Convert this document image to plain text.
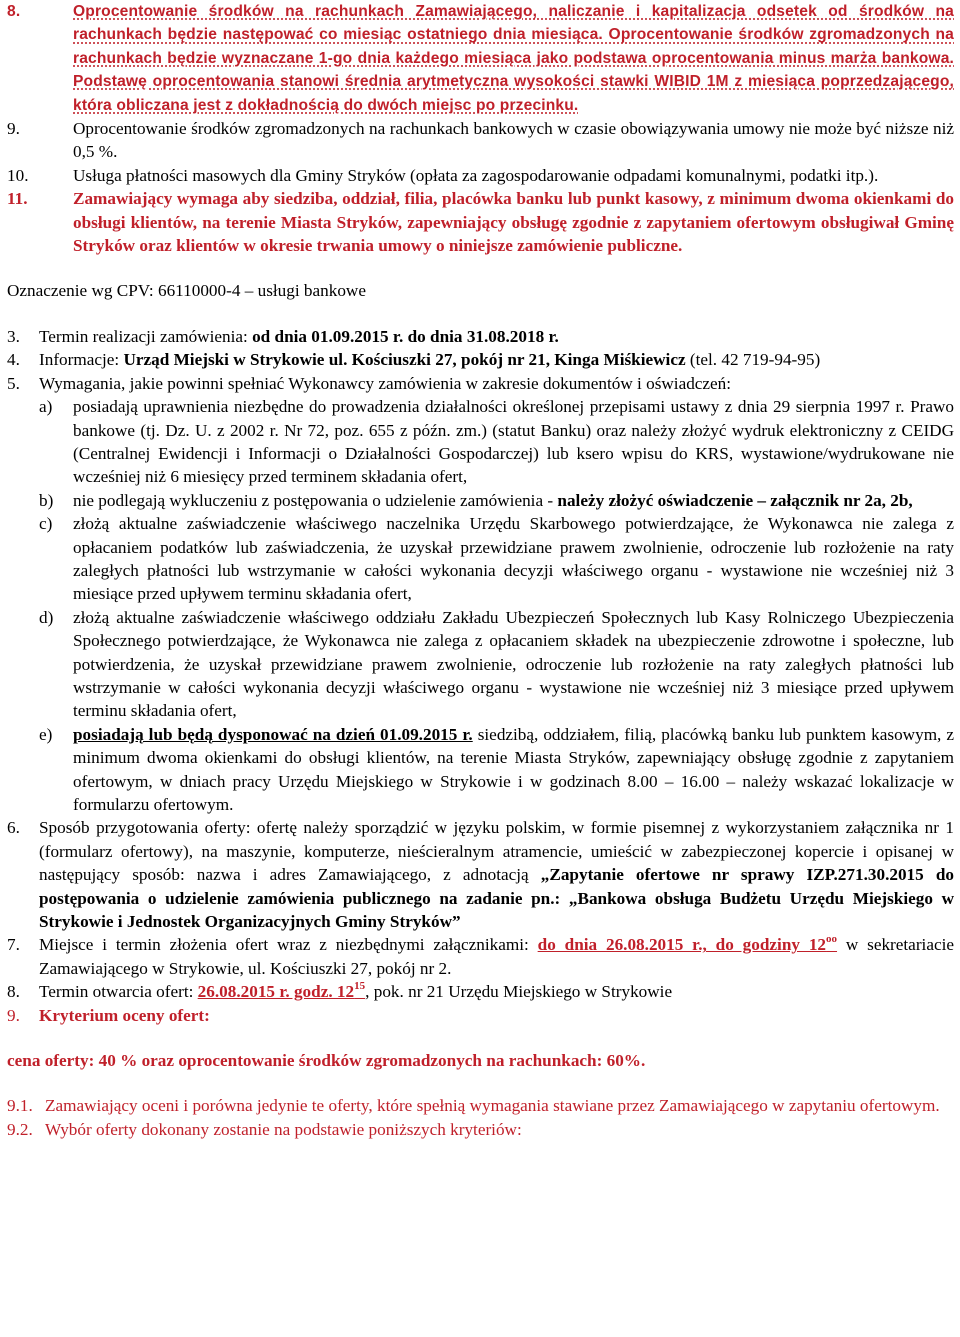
8.	Oprocentowanie środków na rachunkach Zamawiającego, naliczanie i kapitalizacja odsetek od środków na rachunkach będzie następować co miesiąc ostatniego dnia miesiąca. Oprocentowanie środków zgromadzonych na rachunkach będzie wyznaczane 1-go dnia każdego miesiąca jako podstawa oprocentowania minus marża bankowa. Podstawę oprocentowania stanowi średnia arytmetyczna wysokości stawki WIBID 1M z miesiąca poprzedzającego, która obliczana jest z dokładnością do dwóch miejsc po przecinku.
9.	Oprocentowanie środków zgromadzonych na rachunkach bankowych w czasie obowiązywania umowy nie może być niższe niż 0,5 %.
10.	Usługa płatności masowych dla Gminy Stryków (opłata za zagospodarowanie odpadami komunalnymi, podatki itp.).
11.	Zamawiający wymaga aby siedziba, oddział, filia, placówka banku lub punkt kasowy, z minimum dwoma okienkami do obsługi klientów, na terenie Miasta Stryków, zapewniający obsługę zgodnie z zapytaniem ofertowym obsługiwał Gminę Stryków oraz klientów w okresie trwania umowy o niniejsze zamówienie publiczne.
Oznaczenie wg CPV: 66110000-4 – usługi bankowe
3.	Termin realizacji zamówienia: od dnia 01.09.2015 r. do dnia 31.08.2018 r.
4. Informacje: Urząd Miejski w Strykowie ul. Kościuszki 27, pokój nr 21, Kinga Miśkiewicz (tel. 42 719-94-95)
5.	Wymagania, jakie powinni spełniać Wykonawcy zamówienia w zakresie dokumentów i oświadczeń:
a)	posiadają uprawnienia niezbędne do prowadzenia działalności określonej przepisami ustawy z dnia 29 sierpnia 1997 r. Prawo bankowe (tj. Dz. U. z 2002 r. Nr 72, poz. 655 z późn. zm.) (statut Banku) oraz należy złożyć wydruk elektroniczny z CEIDG (Centralnej Ewidencji i Informacji o Działalności Gospodarczej) lub ksero wpisu do KRS, wystawione/wydrukowane nie wcześniej niż 6 miesięcy przed terminem składania ofert,
b)	nie podlegają wykluczeniu z postępowania o udzielenie zamówienia - należy złożyć oświadczenie – załącznik nr 2a, 2b,
c)	złożą aktualne zaświadczenie właściwego naczelnika Urzędu Skarbowego potwierdzające, że Wykonawca nie zalega z opłacaniem podatków lub zaświadczenia, że uzyskał przewidziane prawem zwolnienie, odroczenie lub rozłożenie na raty zaległych płatności lub wstrzymanie w całości wykonania decyzji właściwego organu - wystawione nie wcześniej niż 3 miesiące przed upływem terminu składania ofert,
d)	złożą aktualne zaświadczenie właściwego oddziału Zakładu Ubezpieczeń Społecznych lub Kasy Rolniczego Ubezpieczenia Społecznego potwierdzające, że Wykonawca nie zalega z opłacaniem składek na ubezpieczenie zdrowotne i społeczne, lub potwierdzenia, że uzyskał przewidziane prawem zwolnienie, odroczenie lub rozłożenie na raty zaległych płatności lub wstrzymanie w całości wykonania decyzji właściwego organu - wystawione nie wcześniej niż 3 miesiące przed upływem terminu składania ofert,
e)	posiadają lub będą dysponować na dzień 01.09.2015 r. siedzibą, oddziałem, filią, placówką banku lub punktem kasowym, z minimum dwoma okienkami do obsługi klientów, na terenie Miasta Stryków, zapewniający obsługę zgodnie z zapytaniem ofertowym, w dniach pracy Urzędu Miejskiego w Strykowie i w godzinach 8.00 – 16.00 – należy wskazać lokalizacje w formularzu ofertowym.
6.	Sposób przygotowania oferty: ofertę należy sporządzić w języku polskim, w formie pisemnej z wykorzystaniem załącznika nr 1 (formularz ofertowy), na maszynie, komputerze, nieścieralnym atramencie, umieścić w zabezpieczonej kopercie i opisanej w następujący sposób: nazwa i adres Zamawiającego, z adnotacją „Zapytanie ofertowe nr sprawy IZP.271.30.2015 do postępowania o udzielenie zamówienia publicznego na zadanie pn.: „Bankowa obsługa Budżetu Urzędu Miejskiego w Strykowie i Jednostek Organizacyjnych Gminy Stryków”
7.	Miejsce i termin złożenia ofert wraz z niezbędnymi załącznikami: do dnia 26.08.2015 r., do godziny $12^{oo}$ w sekretariacie Zamawiającego w Strykowie, ul. Kościuszki 27, pokój nr 2.
8.	Termin otwarcia ofert: 26.08.2015 r. godz. $12^{15}$, pok. nr 21 Urzędu Miejskiego w Strykowie
9.	Kryterium oceny ofert:
cena oferty: 40 % oraz oprocentowanie środków zgromadzonych na rachunkach: 60%.
9.1. Zamawiający oceni i porówna jedynie te oferty, które spełnią wymagania stawiane przez Zamawiającego w zapytaniu ofertowym.
9.2. Wybór oferty dokonany zostanie na podstawie poniższych kryteriów:
